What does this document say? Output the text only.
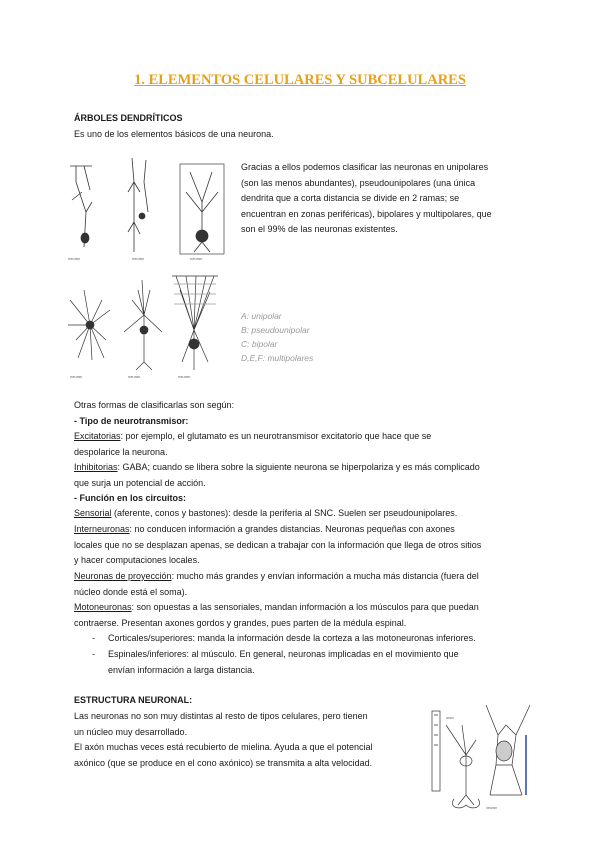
1. ELEMENTOS CELULARES Y SUBCELULARES
ÁRBOLES DENDRÍTICOS
Es uno de los elementos básicos de una neurona.
neuron	neuron	neuron
neuron	neuron	neuron
Gracias a ellos podemos clasificar las neuronas en unipolares
(son las menos abundantes), pseudounipolares (una única
dendrita que a corta distancia se divide en 2 ramas; se
encuentran en zonas periféricas), bipolares y multipolares, que
son el 99% de las neuronas existentes.
A: unipolar
B: pseudounipolar
C: bipolar
D,E,F: multipolares
Otras formas de clasificarlas son según:
- Tipo de neurotransmisor:
Excitatorias: por ejemplo, el glutamato es un neurotransmisor excitatorio que hace que se
despolarice la neurona.
Inhibitorias: GABA; cuando se libera sobre la siguiente neurona se hiperpolariza y es más complicado
que surja un potencial de acción.
- Función en los circuitos:
Sensorial (aferente, conos y bastones): desde la periferia al SNC. Suelen ser pseudounipolares.
Interneuronas: no conducen información a grandes distancias. Neuronas pequeñas con axones
locales que no se desplazan apenas, se dedican a trabajar con la información que llega de otros sitios
y hacer computaciones locales.
Neuronas de proyección: mucho más grandes y envían información a mucha más distancia (fuera del
núcleo donde está el soma).
Motoneuronas: son opuestas a las sensoriales, mandan información a los músculos para que puedan
contraerse. Presentan axones gordos y grandes, pues parten de la médula espinal.
- Corticales/superiores: manda la información desde la corteza a las motoneuronas inferiores.
- Espinales/inferiores: al músculo. En general, neuronas implicadas en el movimiento que
envían información a larga distancia.
ESTRUCTURA NEURONAL:
Las neuronas no son muy distintas al resto de tipos celulares, pero tienen
un núcleo muy desarrollado.
El axón muchas veces está recubierto de mielina. Ayuda a que el potencial
axónico (que se produce en el cono axónico) se transmita a alta velocidad.
neuron
axon
